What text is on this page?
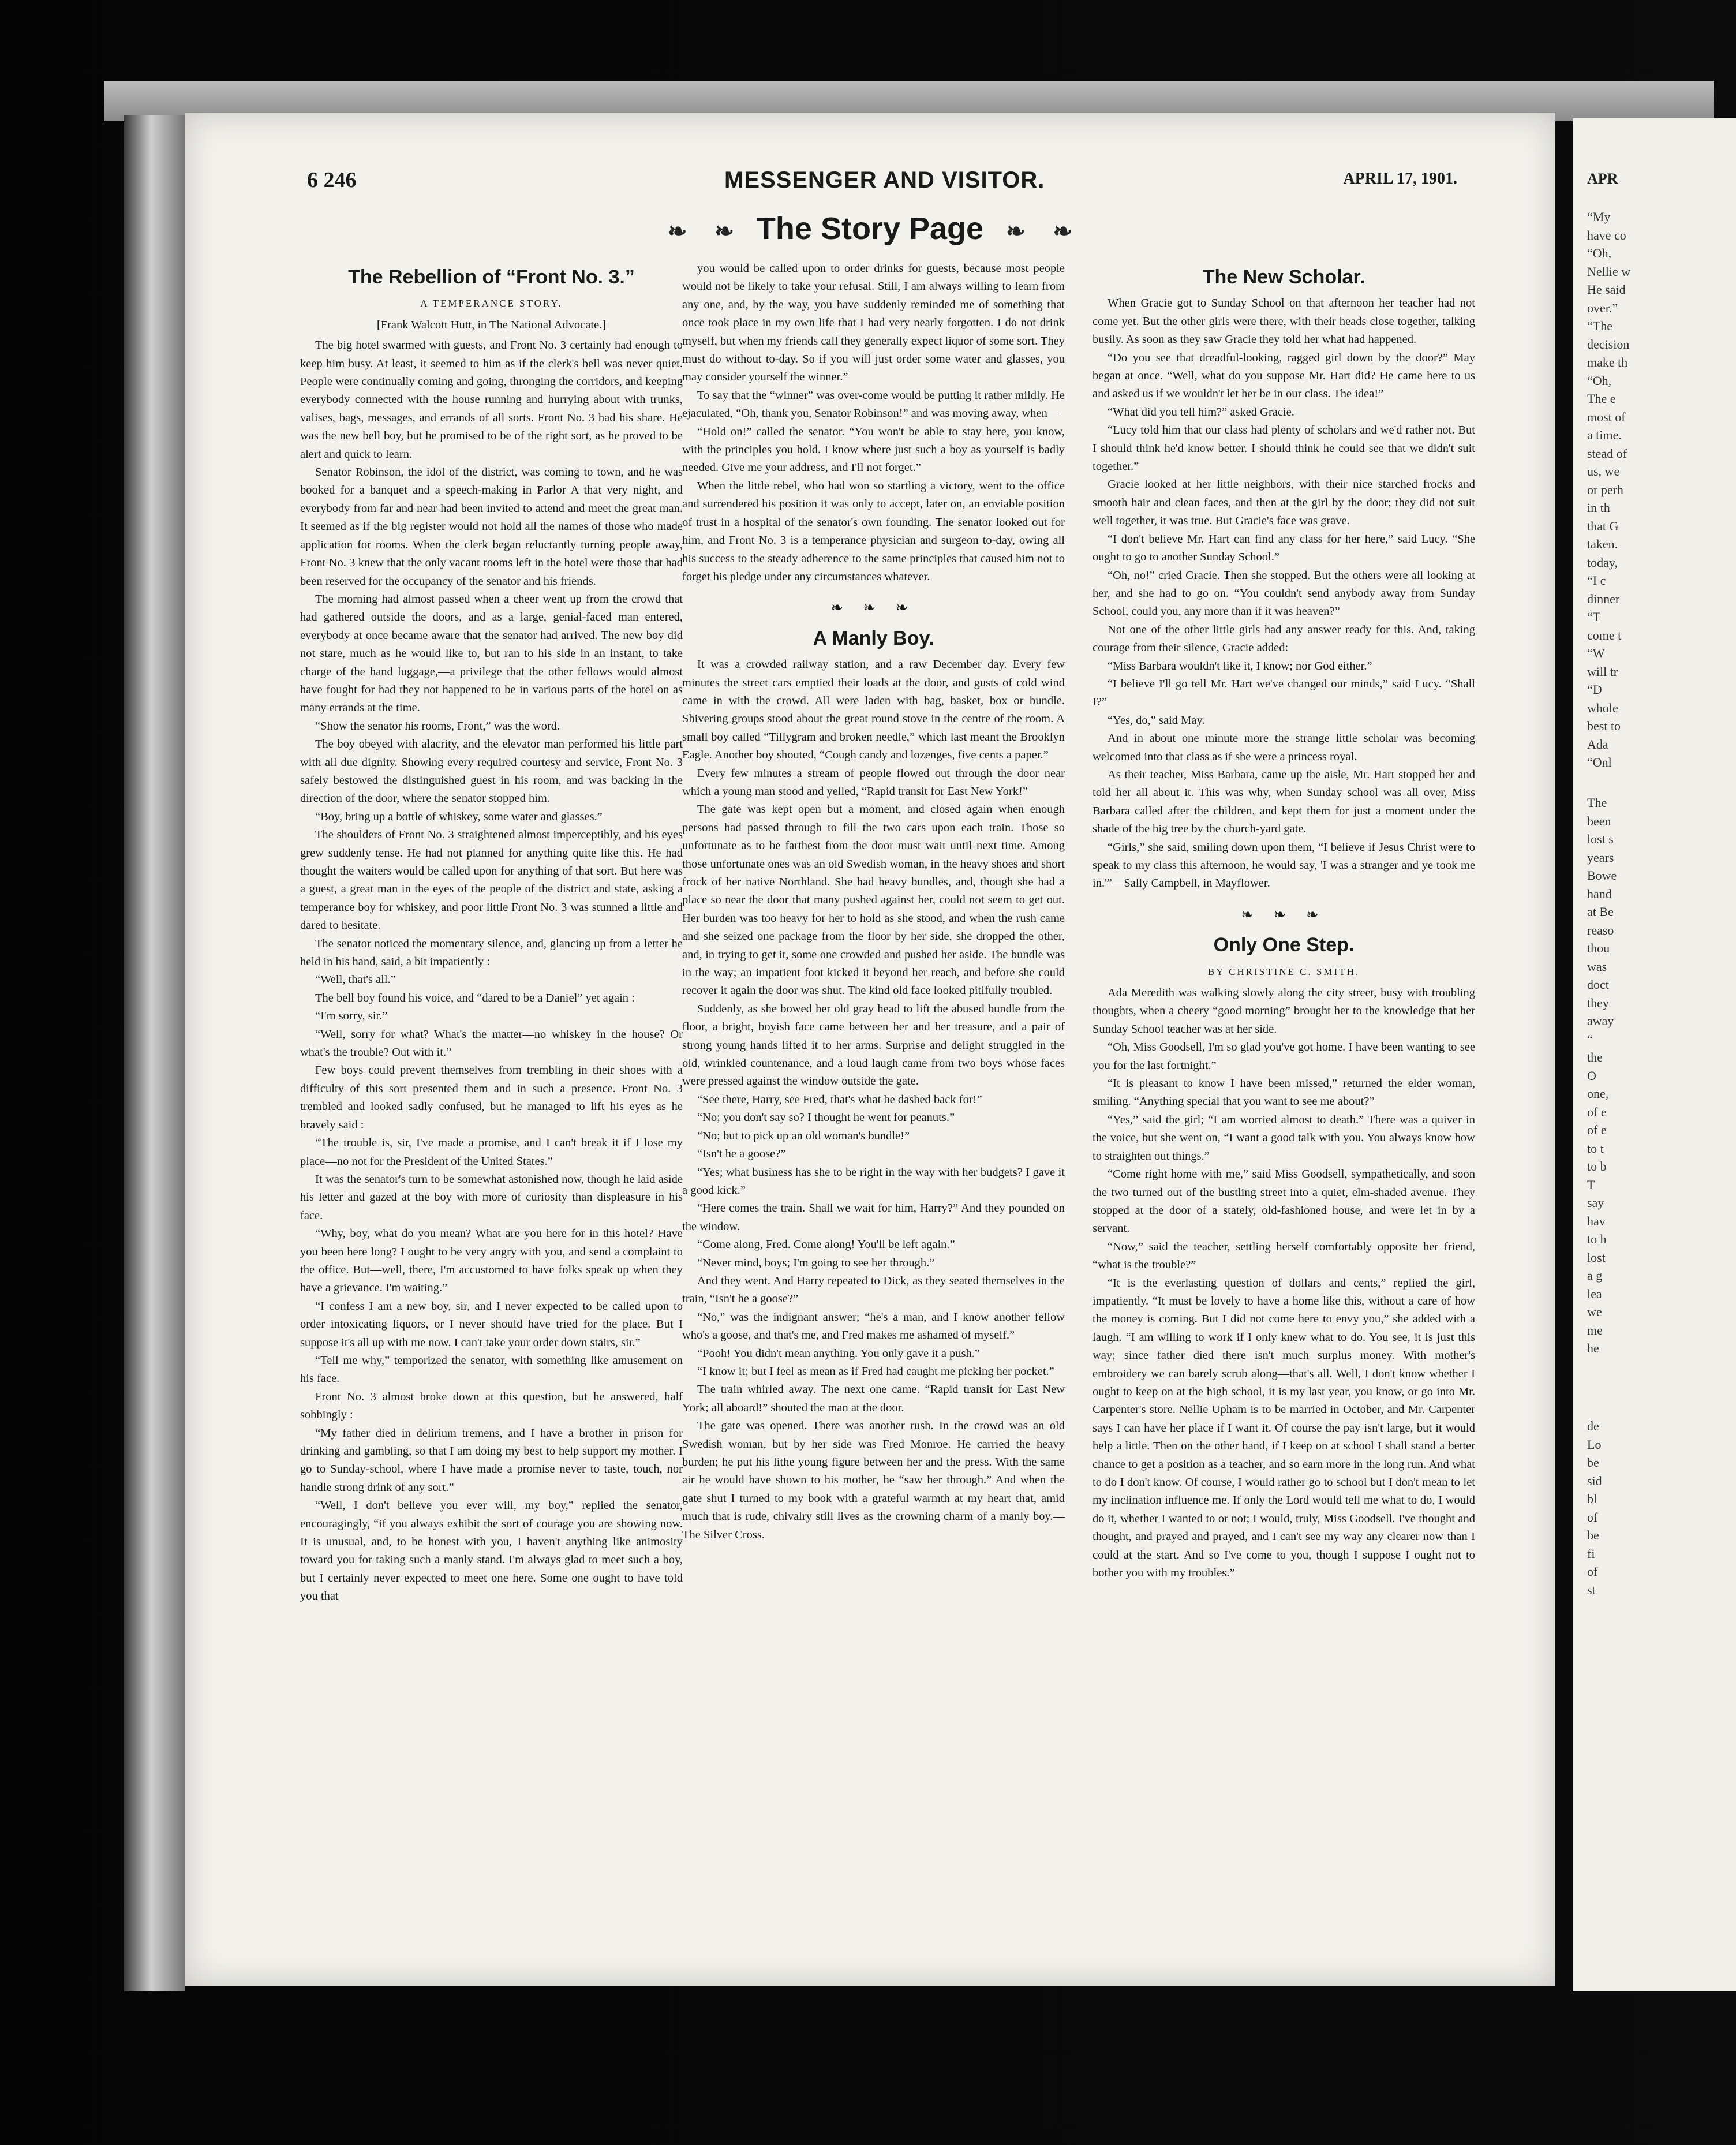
6 246	MESSENGER AND VISITOR.	APRIL 17, 1901.
❧ ❧ The Story Page ❧ ❧
The Rebellion of “Front No. 3.”
A TEMPERANCE STORY.
[Frank Walcott Hutt, in The National Advocate.]

The big hotel swarmed with guests, and Front No. 3 certainly had enough to keep him busy. At least, it seemed to him as if the clerk's bell was never quiet. People were continually coming and going, thronging the corridors, and keeping everybody connected with the house running and hurrying about with trunks, valises, bags, messages, and errands of all sorts. Front No. 3 had his share. He was the new bell boy, but he promised to be of the right sort, as he proved to be alert and quick to learn.

Senator Robinson, the idol of the district, was coming to town, and he was booked for a banquet and a speech-making in Parlor A that very night, and everybody from far and near had been invited to attend and meet the great man. It seemed as if the big register would not hold all the names of those who made application for rooms. When the clerk began reluctantly turning people away, Front No. 3 knew that the only vacant rooms left in the hotel were those that had been reserved for the occupancy of the senator and his friends.

The morning had almost passed when a cheer went up from the crowd that had gathered outside the doors, and as a large, genial-faced man entered, everybody at once became aware that the senator had arrived. The new boy did not stare, much as he would like to, but ran to his side in an instant, to take charge of the hand luggage,—a privilege that the other fellows would almost have fought for had they not happened to be in various parts of the hotel on as many errands at the time.

“Show the senator his rooms, Front,” was the word.

The boy obeyed with alacrity, and the elevator man performed his little part with all due dignity. Showing every required courtesy and service, Front No. 3 safely bestowed the distinguished guest in his room, and was backing in the direction of the door, where the senator stopped him.

“Boy, bring up a bottle of whiskey, some water and glasses.”

The shoulders of Front No. 3 straightened almost imperceptibly, and his eyes grew suddenly tense. He had not planned for anything quite like this. He had thought the waiters would be called upon for anything of that sort. But here was a guest, a great man in the eyes of the people of the district and state, asking a temperance boy for whiskey, and poor little Front No. 3 was stunned a little and dared to hesitate.

The senator noticed the momentary silence, and, glancing up from a letter he held in his hand, said, a bit impatiently :

“Well, that's all.”

The bell boy found his voice, and “dared to be a Daniel” yet again :

“I'm sorry, sir.”

“Well, sorry for what? What's the matter—no whiskey in the house? Or what's the trouble? Out with it.”

Few boys could prevent themselves from trembling in their shoes with a difficulty of this sort presented them and in such a presence. Front No. 3 trembled and looked sadly confused, but he managed to lift his eyes as he bravely said :

“The trouble is, sir, I've made a promise, and I can't break it if I lose my place—no not for the President of the United States.”

It was the senator's turn to be somewhat astonished now, though he laid aside his letter and gazed at the boy with more of curiosity than displeasure in his face.

“Why, boy, what do you mean? What are you here for in this hotel? Have you been here long? I ought to be very angry with you, and send a complaint to the office. But—well, there, I'm accustomed to have folks speak up when they have a grievance. I'm waiting.”

“I confess I am a new boy, sir, and I never expected to be called upon to order intoxicating liquors, or I never should have tried for the place. But I suppose it's all up with me now. I can't take your order down stairs, sir.”

“Tell me why,” temporized the senator, with something like amusement on his face.

Front No. 3 almost broke down at this question, but he answered, half sobbingly :

“My father died in delirium tremens, and I have a brother in prison for drinking and gambling, so that I am doing my best to help support my mother. I go to Sunday-school, where I have made a promise never to taste, touch, nor handle strong drink of any sort.”

“Well, I don't believe you ever will, my boy,” replied the senator, encouragingly, “if you always exhibit the sort of courage you are showing now. It is unusual, and, to be honest with you, I haven't anything like animosity toward you for taking such a manly stand. I'm always glad to meet such a boy, but I certainly never expected to meet one here. Some one ought to have told you that

you would be called upon to order drinks for guests, because most people would not be likely to take your refusal. Still, I am always willing to learn from any one, and, by the way, you have suddenly reminded me of something that once took place in my own life that I had very nearly forgotten. I do not drink myself, but when my friends call they generally expect liquor of some sort. They must do without to-day. So if you will just order some water and glasses, you may consider yourself the winner.”

To say that the “winner” was over-come would be putting it rather mildly. He ejaculated, “Oh, thank you, Senator Robinson!” and was moving away, when—

“Hold on!” called the senator. “You won't be able to stay here, you know, with the principles you hold. I know where just such a boy as yourself is badly needed. Give me your address, and I'll not forget.”

When the little rebel, who had won so startling a victory, went to the office and surrendered his position it was only to accept, later on, an enviable position of trust in a hospital of the senator's own founding. The senator looked out for him, and Front No. 3 is a temperance physician and surgeon to-day, owing all his success to the steady adherence to the same principles that caused him not to forget his pledge under any circumstances whatever.

❧ ❧ ❧
A Manly Boy.

It was a crowded railway station, and a raw December day. Every few minutes the street cars emptied their loads at the door, and gusts of cold wind came in with the crowd. All were laden with bag, basket, box or bundle. Shivering groups stood about the great round stove in the centre of the room. A small boy called “Tillygram and broken needle,” which last meant the Brooklyn Eagle. Another boy shouted, “Cough candy and lozenges, five cents a paper.”

Every few minutes a stream of people flowed out through the door near which a young man stood and yelled, “Rapid transit for East New York!”

The gate was kept open but a moment, and closed again when enough persons had passed through to fill the two cars upon each train. Those so unfortunate as to be farthest from the door must wait until next time. Among those unfortunate ones was an old Swedish woman, in the heavy shoes and short frock of her native Northland. She had heavy bundles, and, though she had a place so near the door that many pushed against her, could not seem to get out. Her burden was too heavy for her to hold as she stood, and when the rush came and she seized one package from the floor by her side, she dropped the other, and, in trying to get it, some one crowded and pushed her aside. The bundle was in the way; an impatient foot kicked it beyond her reach, and before she could recover it again the door was shut. The kind old face looked pitifully troubled.

Suddenly, as she bowed her old gray head to lift the abused bundle from the floor, a bright, boyish face came between her and her treasure, and a pair of strong young hands lifted it to her arms. Surprise and delight struggled in the old, wrinkled countenance, and a loud laugh came from two boys whose faces were pressed against the window outside the gate.

“See there, Harry, see Fred, that's what he dashed back for!”

“No; you don't say so? I thought he went for peanuts.”

“No; but to pick up an old woman's bundle!”

“Isn't he a goose?”

“Yes; what business has she to be right in the way with her budgets? I gave it a good kick.”

“Here comes the train. Shall we wait for him, Harry?” And they pounded on the window.

“Come along, Fred. Come along! You'll be left again.”

“Never mind, boys; I'm going to see her through.”

And they went. And Harry repeated to Dick, as they seated themselves in the train, “Isn't he a goose?”

“No,” was the indignant answer; “he's a man, and I know another fellow who's a goose, and that's me, and Fred makes me ashamed of myself.”

“Pooh! You didn't mean anything. You only gave it a push.”

“I know it; but I feel as mean as if Fred had caught me picking her pocket.”

The train whirled away. The next one came. “Rapid transit for East New York; all aboard!” shouted the man at the door.

The gate was opened. There was another rush. In the crowd was an old Swedish woman, but by her side was Fred Monroe. He carried the heavy burden; he put his lithe young figure between her and the press. With the same air he would have shown to his mother, he “saw her through.” And when the gate shut I turned to my book with a grateful warmth at my heart that, amid much that is rude, chivalry still lives as the crowning charm of a manly boy.—The Silver Cross.

The New Scholar.

When Gracie got to Sunday School on that afternoon her teacher had not come yet. But the other girls were there, with their heads close together, talking busily. As soon as they saw Gracie they told her what had happened.

“Do you see that dreadful-looking, ragged girl down by the door?” May began at once. “Well, what do you suppose Mr. Hart did? He came here to us and asked us if we wouldn't let her be in our class. The idea!”

“What did you tell him?” asked Gracie.

“Lucy told him that our class had plenty of scholars and we'd rather not. But I should think he'd know better. I should think he could see that we didn't suit together.”

Gracie looked at her little neighbors, with their nice starched frocks and smooth hair and clean faces, and then at the girl by the door; they did not suit well together, it was true. But Gracie's face was grave.

“I don't believe Mr. Hart can find any class for her here,” said Lucy. “She ought to go to another Sunday School.”

“Oh, no!” cried Gracie. Then she stopped. But the others were all looking at her, and she had to go on. “You couldn't send anybody away from Sunday School, could you, any more than if it was heaven?”

Not one of the other little girls had any answer ready for this. And, taking courage from their silence, Gracie added:

“Miss Barbara wouldn't like it, I know; nor God either.”

“I believe I'll go tell Mr. Hart we've changed our minds,” said Lucy. “Shall I?”

“Yes, do,” said May.

And in about one minute more the strange little scholar was becoming welcomed into that class as if she were a princess royal.

As their teacher, Miss Barbara, came up the aisle, Mr. Hart stopped her and told her all about it. This was why, when Sunday school was all over, Miss Barbara called after the children, and kept them for just a moment under the shade of the big tree by the church-yard gate.

“Girls,” she said, smiling down upon them, “I believe if Jesus Christ were to speak to my class this afternoon, he would say, 'I was a stranger and ye took me in.'”—Sally Campbell, in Mayflower.

❧ ❧ ❧
Only One Step.
BY CHRISTINE C. SMITH.

Ada Meredith was walking slowly along the city street, busy with troubling thoughts, when a cheery “good morning” brought her to the knowledge that her Sunday School teacher was at her side.

“Oh, Miss Goodsell, I'm so glad you've got home. I have been wanting to see you for the last fortnight.”

“It is pleasant to know I have been missed,” returned the elder woman, smiling. “Anything special that you want to see me about?”

“Yes,” said the girl; “I am worried almost to death.” There was a quiver in the voice, but she went on, “I want a good talk with you. You always know how to straighten out things.”

“Come right home with me,” said Miss Goodsell, sympathetically, and soon the two turned out of the bustling street into a quiet, elm-shaded avenue. They stopped at the door of a stately, old-fashioned house, and were let in by a servant.

“Now,” said the teacher, settling herself comfortably opposite her friend, “what is the trouble?”

“It is the everlasting question of dollars and cents,” replied the girl, impatiently. “It must be lovely to have a home like this, without a care of how the money is coming. But I did not come here to envy you,” she added with a laugh. “I am willing to work if I only knew what to do. You see, it is just this way; since father died there isn't much surplus money. With mother's embroidery we can barely scrub along—that's all. Well, I don't know whether I ought to keep on at the high school, it is my last year, you know, or go into Mr. Carpenter's store. Nellie Upham is to be married in October, and Mr. Carpenter says I can have her place if I want it. Of course the pay isn't large, but it would help a little. Then on the other hand, if I keep on at school I shall stand a better chance to get a position as a teacher, and so earn more in the long run. And what to do I don't know. Of course, I would rather go to school but I don't mean to let my inclination influence me. If only the Lord would tell me what to do, I would do it, whether I wanted to or not; I would, truly, Miss Goodsell. I've thought and thought, and prayed and prayed, and I can't see my way any clearer now than I could at the start. And so I've come to you, though I suppose I ought not to bother you with my troubles.”

APR
“My
have co
“Oh,
Nellie w
He said
over.”
“The
decision
make th
“Oh,
The e
most of
a time.
stead of
us, we
or perh
in th
that G
taken.
today,
“I c
dinner
“T
come t
“W
will tr
“D
whole
best to
Ada
“Onl
The
been
lost s
years
Bowe
hand
at Be
reaso
thou
was
doct
they
away
“
the
O
one,
of e
of e
to t
to b
T
say
hav
to h
lost
a g
lea
we
me
he
de
Lo
be
sid
bl
of
be
fi
of
st
